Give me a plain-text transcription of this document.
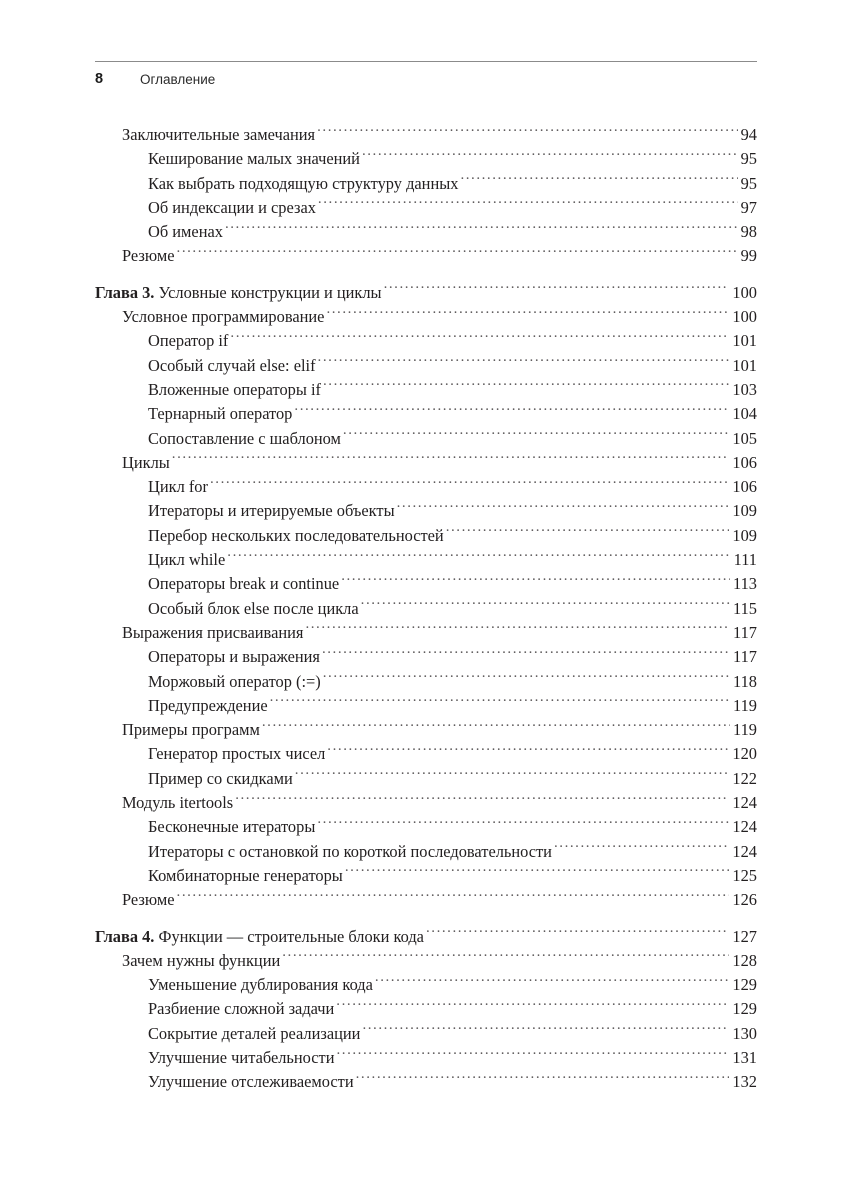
8	Оглавление
Заключительные замечания .....	94
Кеширование малых значений .....	95
Как выбрать подходящую структуру данных .....	95
Об индексации и срезах .....	97
Об именах .....	98
Резюме .....	99
Глава 3. Условные конструкции и циклы .....	100
Условное программирование .....	100
Оператор if .....	101
Особый случай else: elif .....	101
Вложенные операторы if .....	103
Тернарный оператор .....	104
Сопоставление с шаблоном .....	105
Циклы .....	106
Цикл for .....	106
Итераторы и итерируемые объекты .....	109
Перебор нескольких последовательностей .....	109
Цикл while .....	111
Операторы break и continue .....	113
Особый блок else после цикла .....	115
Выражения присваивания .....	117
Операторы и выражения .....	117
Моржовый оператор (:=) .....	118
Предупреждение .....	119
Примеры программ .....	119
Генератор простых чисел .....	120
Пример со скидками .....	122
Модуль itertools .....	124
Бесконечные итераторы .....	124
Итераторы с остановкой по короткой последовательности .....	124
Комбинаторные генераторы .....	125
Резюме .....	126
Глава 4. Функции — строительные блоки кода .....	127
Зачем нужны функции .....	128
Уменьшение дублирования кода .....	129
Разбиение сложной задачи .....	129
Сокрытие деталей реализации .....	130
Улучшение читабельности .....	131
Улучшение отслеживаемости .....	132
